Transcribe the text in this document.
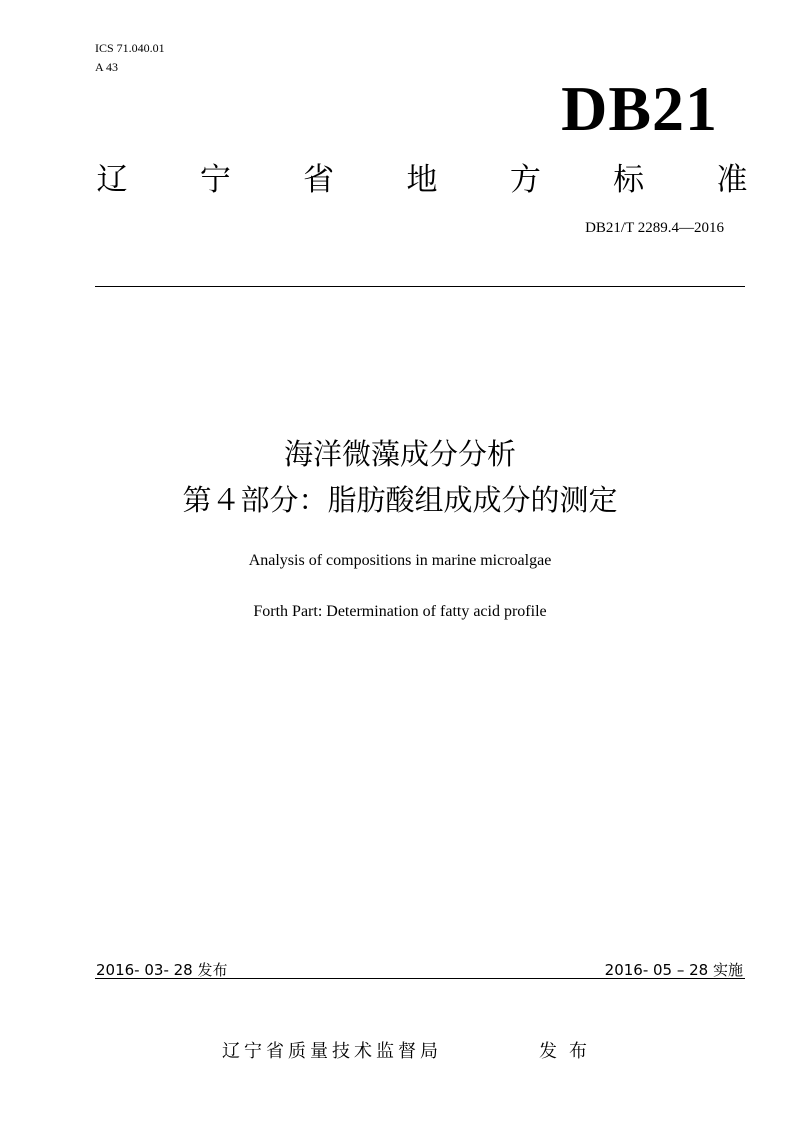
ICS 71.040.01
A 43
DB21
辽 宁 省 地 方 标 准
DB21/T 2289.4—2016
海洋微藻成分分析
第４部分：脂肪酸组成成分的测定
Analysis of compositions in marine microalgae
Forth Part: Determination of fatty acid profile
2016- 03- 28 发布	2016- 05 – 28 实施
辽宁省质量技术监督局	发布
